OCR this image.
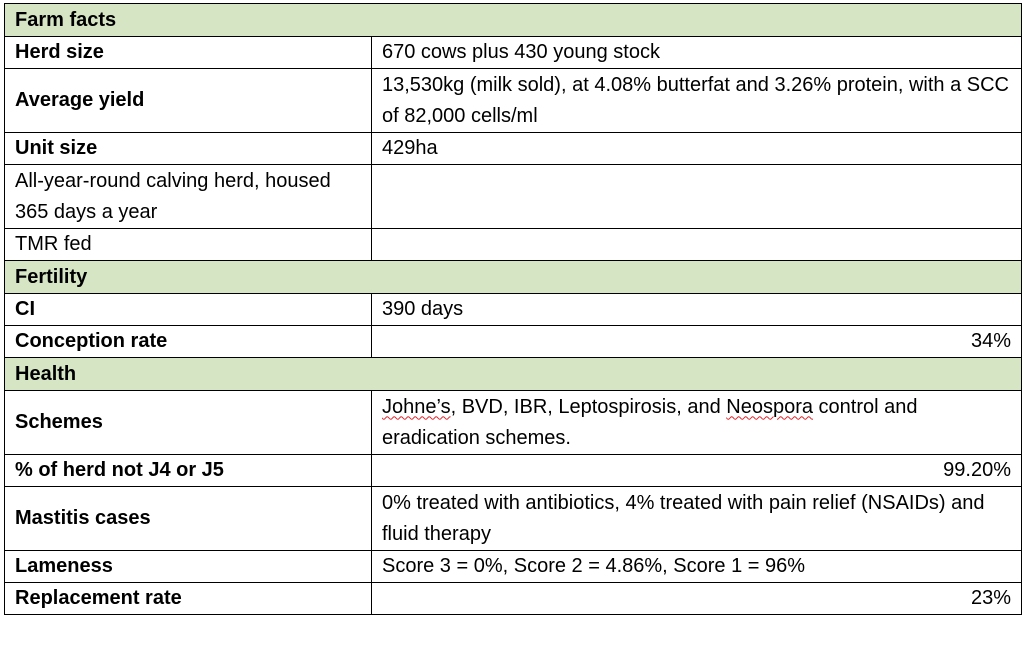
Farm facts	
Herd size	670 cows plus 430 young stock
Average yield	13,530kg (milk sold), at 4.08% butterfat and 3.26% protein, with a SCC of 82,000 cells/ml
Unit size	429ha
All-year-round calving herd, housed 365 days a year	
TMR fed	
Fertility	
CI	390 days
Conception rate	34%
Health	
Schemes	Johne’s, BVD, IBR, Leptospirosis, and Neospora control and eradication schemes.
% of herd not J4 or J5	99.20%
Mastitis cases	0% treated with antibiotics, 4% treated with pain relief (NSAIDs) and fluid therapy
Lameness	Score 3 = 0%, Score 2 = 4.86%, Score 1 = 96%
Replacement rate	23%
